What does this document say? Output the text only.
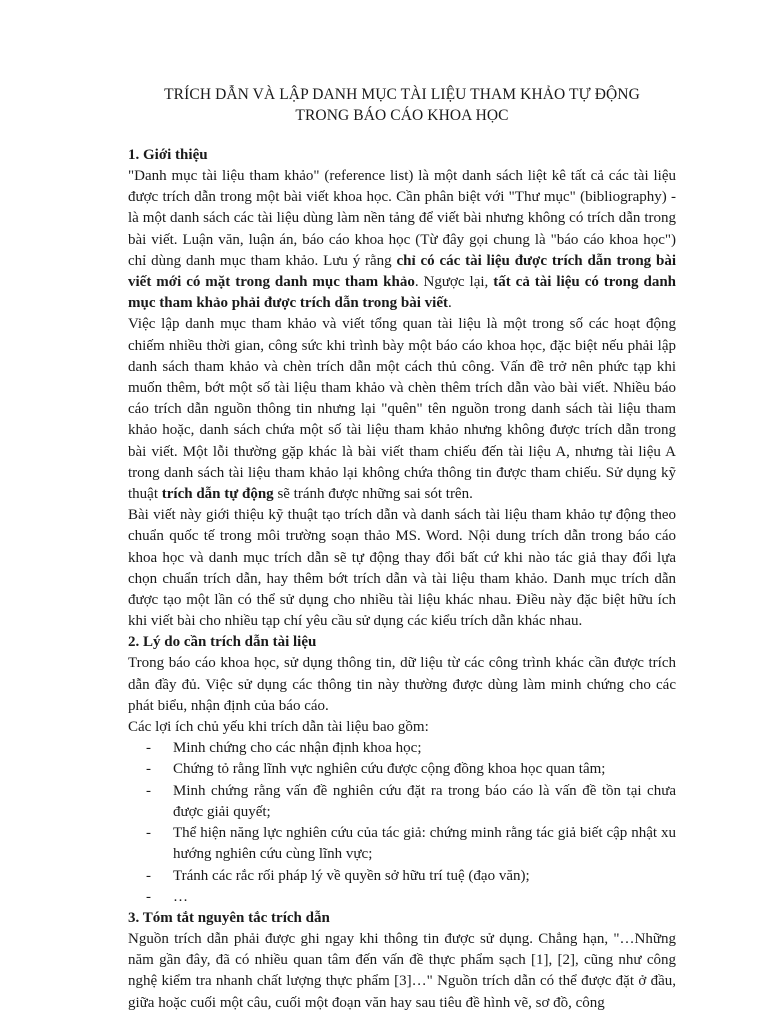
TRÍCH DẪN VÀ LẬP DANH MỤC TÀI LIỆU THAM KHẢO TỰ ĐỘNG
TRONG BÁO CÁO KHOA HỌC
1. Giới thiệu

"Danh mục tài liệu tham khảo" (reference list) là một danh sách liệt kê tất cả các tài liệu được trích dẫn trong một bài viết khoa học. Cần phân biệt với "Thư mục" (bibliography) - là một danh sách các tài liệu dùng làm nền tảng để viết bài nhưng không có trích dẫn trong bài viết. Luận văn, luận án, báo cáo khoa học (Từ đây gọi chung là "báo cáo khoa học") chỉ dùng danh mục tham khảo. Lưu ý rằng chỉ có các tài liệu được trích dẫn trong bài viết mới có mặt trong danh mục tham khảo. Ngược lại, tất cả tài liệu có trong danh mục tham khảo phải được trích dẫn trong bài viết.

Việc lập danh mục tham khảo và viết tổng quan tài liệu là một trong số các hoạt động chiếm nhiều thời gian, công sức khi trình bày một báo cáo khoa học, đặc biệt nếu phải lập danh sách tham khảo và chèn trích dẫn một cách thủ công. Vấn đề trở nên phức tạp khi muốn thêm, bớt một số tài liệu tham khảo và chèn thêm trích dẫn vào bài viết. Nhiều báo cáo trích dẫn nguồn thông tin nhưng lại "quên" tên nguồn trong danh sách tài liệu tham khảo hoặc, danh sách chứa một số tài liệu tham khảo nhưng không được trích dẫn trong bài viết. Một lỗi thường gặp khác là bài viết tham chiếu đến tài liệu A, nhưng tài liệu A trong danh sách tài liệu tham khảo lại không chứa thông tin được tham chiếu. Sử dụng kỹ thuật trích dẫn tự động sẽ tránh được những sai sót trên.

Bài viết này giới thiệu kỹ thuật tạo trích dẫn và danh sách tài liệu tham khảo tự động theo chuẩn quốc tế trong môi trường soạn thảo MS. Word. Nội dung trích dẫn trong báo cáo khoa học và danh mục trích dẫn sẽ tự động thay đổi bất cứ khi nào tác giả thay đổi lựa chọn chuẩn trích dẫn, hay thêm bớt trích dẫn và tài liệu tham khảo. Danh mục trích dẫn được tạo một lần có thể sử dụng cho nhiều tài liệu khác nhau. Điều này đặc biệt hữu ích khi viết bài cho nhiều tạp chí yêu cầu sử dụng các kiểu trích dẫn khác nhau.

2. Lý do cần trích dẫn tài liệu

Trong báo cáo khoa học, sử dụng thông tin, dữ liệu từ các công trình khác cần được trích dẫn đầy đủ. Việc sử dụng các thông tin này thường được dùng làm minh chứng cho các phát biểu, nhận định của báo cáo.

Các lợi ích chủ yếu khi trích dẫn tài liệu bao gồm:

- Minh chứng cho các nhận định khoa học;
- Chứng tỏ rằng lĩnh vực nghiên cứu được cộng đồng khoa học quan tâm;
- Minh chứng rằng vấn đề nghiên cứu đặt ra trong báo cáo là vấn đề tồn tại chưa được giải quyết;
- Thể hiện năng lực nghiên cứu của tác giả: chứng minh rằng tác giả biết cập nhật xu hướng nghiên cứu cùng lĩnh vực;
- Tránh các rắc rối pháp lý về quyền sở hữu trí tuệ (đạo văn);
- …
3. Tóm tắt nguyên tắc trích dẫn

Nguồn trích dẫn phải được ghi ngay khi thông tin được sử dụng. Chẳng hạn, "…Những năm gần đây, đã có nhiều quan tâm đến vấn đề thực phẩm sạch [1], [2], cũng như công nghệ kiểm tra nhanh chất lượng thực phẩm [3]…" Nguồn trích dẫn có thể được đặt ở đầu, giữa hoặc cuối một câu, cuối một đoạn văn hay sau tiêu đề hình vẽ, sơ đồ, công
